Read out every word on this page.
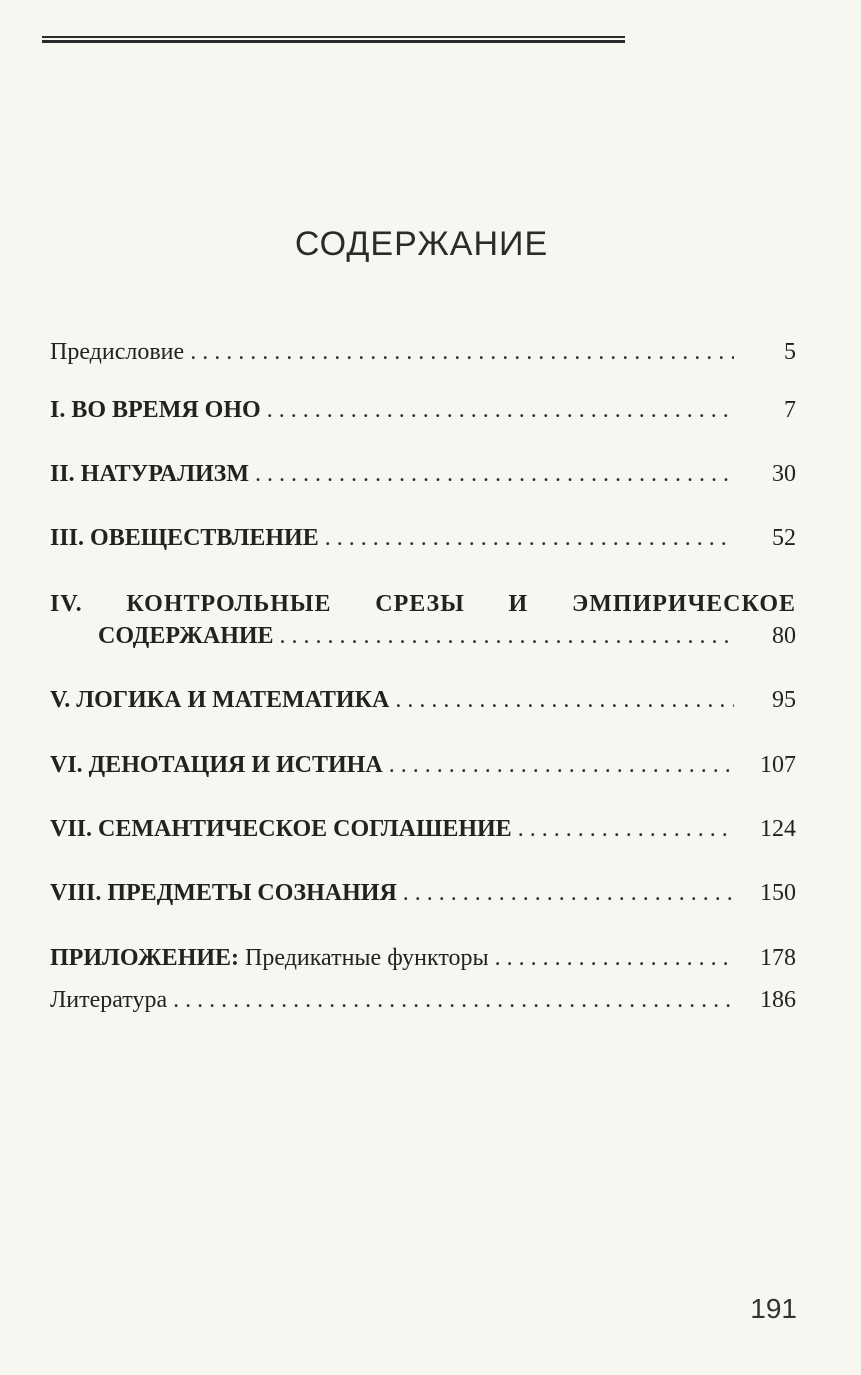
СОДЕРЖАНИЕ
Предисловие . . .	5
I. ВО ВРЕМЯ ОНО . . .	7
II. НАТУРАЛИЗМ . . .	30
III. ОВЕЩЕСТВЛЕНИЕ . . .	52
IV. КОНТРОЛЬНЫЕ СРЕЗЫ И ЭМПИРИЧЕСКОЕ
СОДЕРЖАНИЕ . . .	80
V. ЛОГИКА И МАТЕМАТИКА . . .	95
VI. ДЕНОТАЦИЯ И ИСТИНА . . .	107
VII. СЕМАНТИЧЕСКОЕ СОГЛАШЕНИЕ . . .	124
VIII. ПРЕДМЕТЫ СОЗНАНИЯ . . .	150
ПРИЛОЖЕНИЕ: Предикатные функторы . . .	178
Литература . . .	186
191
